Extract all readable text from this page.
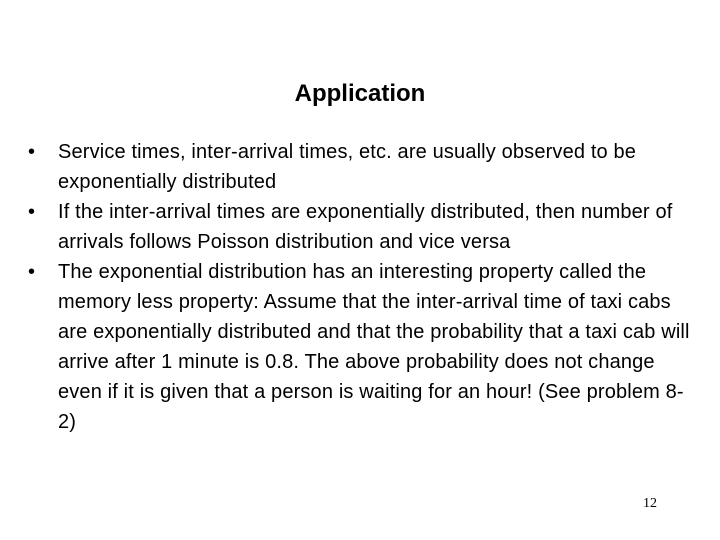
Application
•	Service times, inter-arrival times, etc. are usually observed to be exponentially distributed
•	If the inter-arrival times are exponentially distributed, then number of arrivals follows Poisson distribution and vice versa
•	The exponential distribution has an interesting property called the memory less property: Assume that the inter-arrival time of taxi cabs are exponentially distributed and that the probability that a taxi cab will arrive after 1 minute is 0.8. The above probability does not change even if it is given that a person is waiting for an hour! (See problem 8-2)
12
